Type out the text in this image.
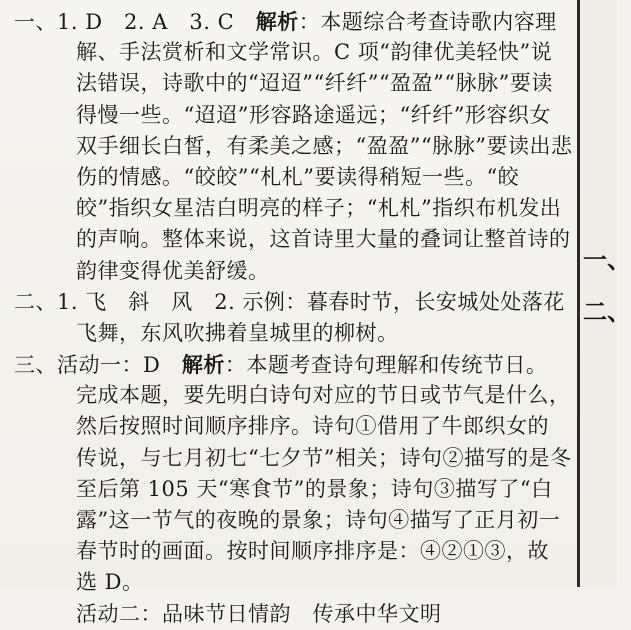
一、1. D　2. A　3. C　解析：本题综合考查诗歌内容理
解、手法赏析和文学常识。C 项“韵律优美轻快”说
法错误，诗歌中的“迢迢”“纤纤”“盈盈”“脉脉”要读
得慢一些。“迢迢”形容路途遥远；“纤纤”形容织女
双手细长白皙，有柔美之感；“盈盈”“脉脉”要读出悲
伤的情感。“皎皎”“札札”要读得稍短一些。“皎
皎”指织女星洁白明亮的样子；“札札”指织布机发出
的声响。整体来说，这首诗里大量的叠词让整首诗的
韵律变得优美舒缓。
二、1. 飞　斜　风　2. 示例：暮春时节，长安城处处落花
飞舞，东风吹拂着皇城里的柳树。
三、活动一：D　解析：本题考查诗句理解和传统节日。
完成本题，要先明白诗句对应的节日或节气是什么，
然后按照时间顺序排序。诗句①借用了牛郎织女的
传说，与七月初七“七夕节”相关；诗句②描写的是冬
至后第 105 天“寒食节”的景象；诗句③描写了“白
露”这一节气的夜晚的景象；诗句④描写了正月初一
春节时的画面。按时间顺序排序是：④②①③，故
选 D。
活动二：品味节日情韵　传承中华文明
一、
二、
